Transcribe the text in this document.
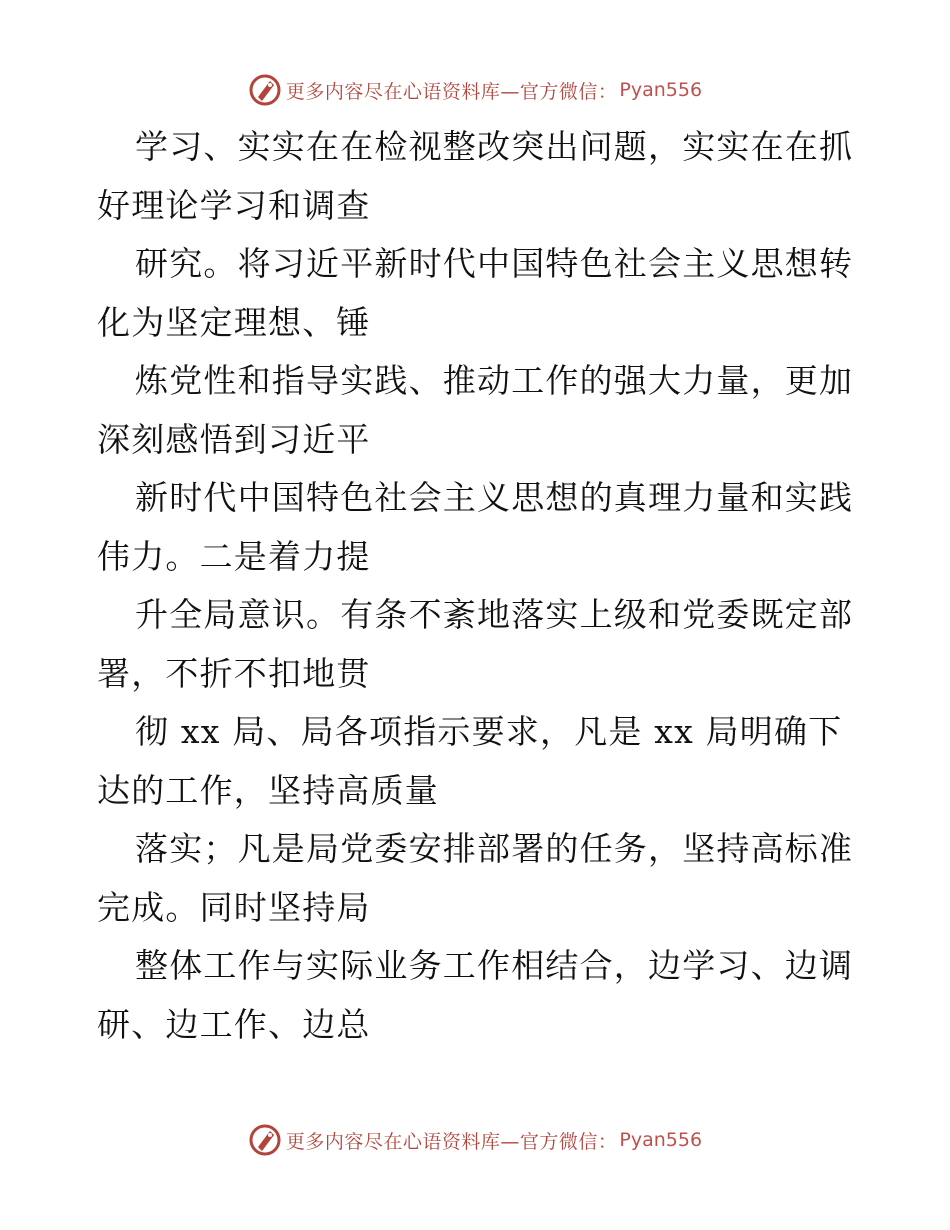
更多内容尽在心语资料库—官方微信： Pyan556
学习、实实在在检视整改突出问题，实实在在抓
好理论学习和调查
研究。将习近平新时代中国特色社会主义思想转
化为坚定理想、锤
炼党性和指导实践、推动工作的强大力量，更加
深刻感悟到习近平
新时代中国特色社会主义思想的真理力量和实践
伟力。二是着力提
升全局意识。有条不紊地落实上级和党委既定部
署，不折不扣地贯
彻 xx 局、局各项指示要求，凡是 xx 局明确下
达的工作，坚持高质量
落实；凡是局党委安排部署的任务，坚持高标准
完成。同时坚持局
整体工作与实际业务工作相结合，边学习、边调
研、边工作、边总
更多内容尽在心语资料库—官方微信： Pyan556
